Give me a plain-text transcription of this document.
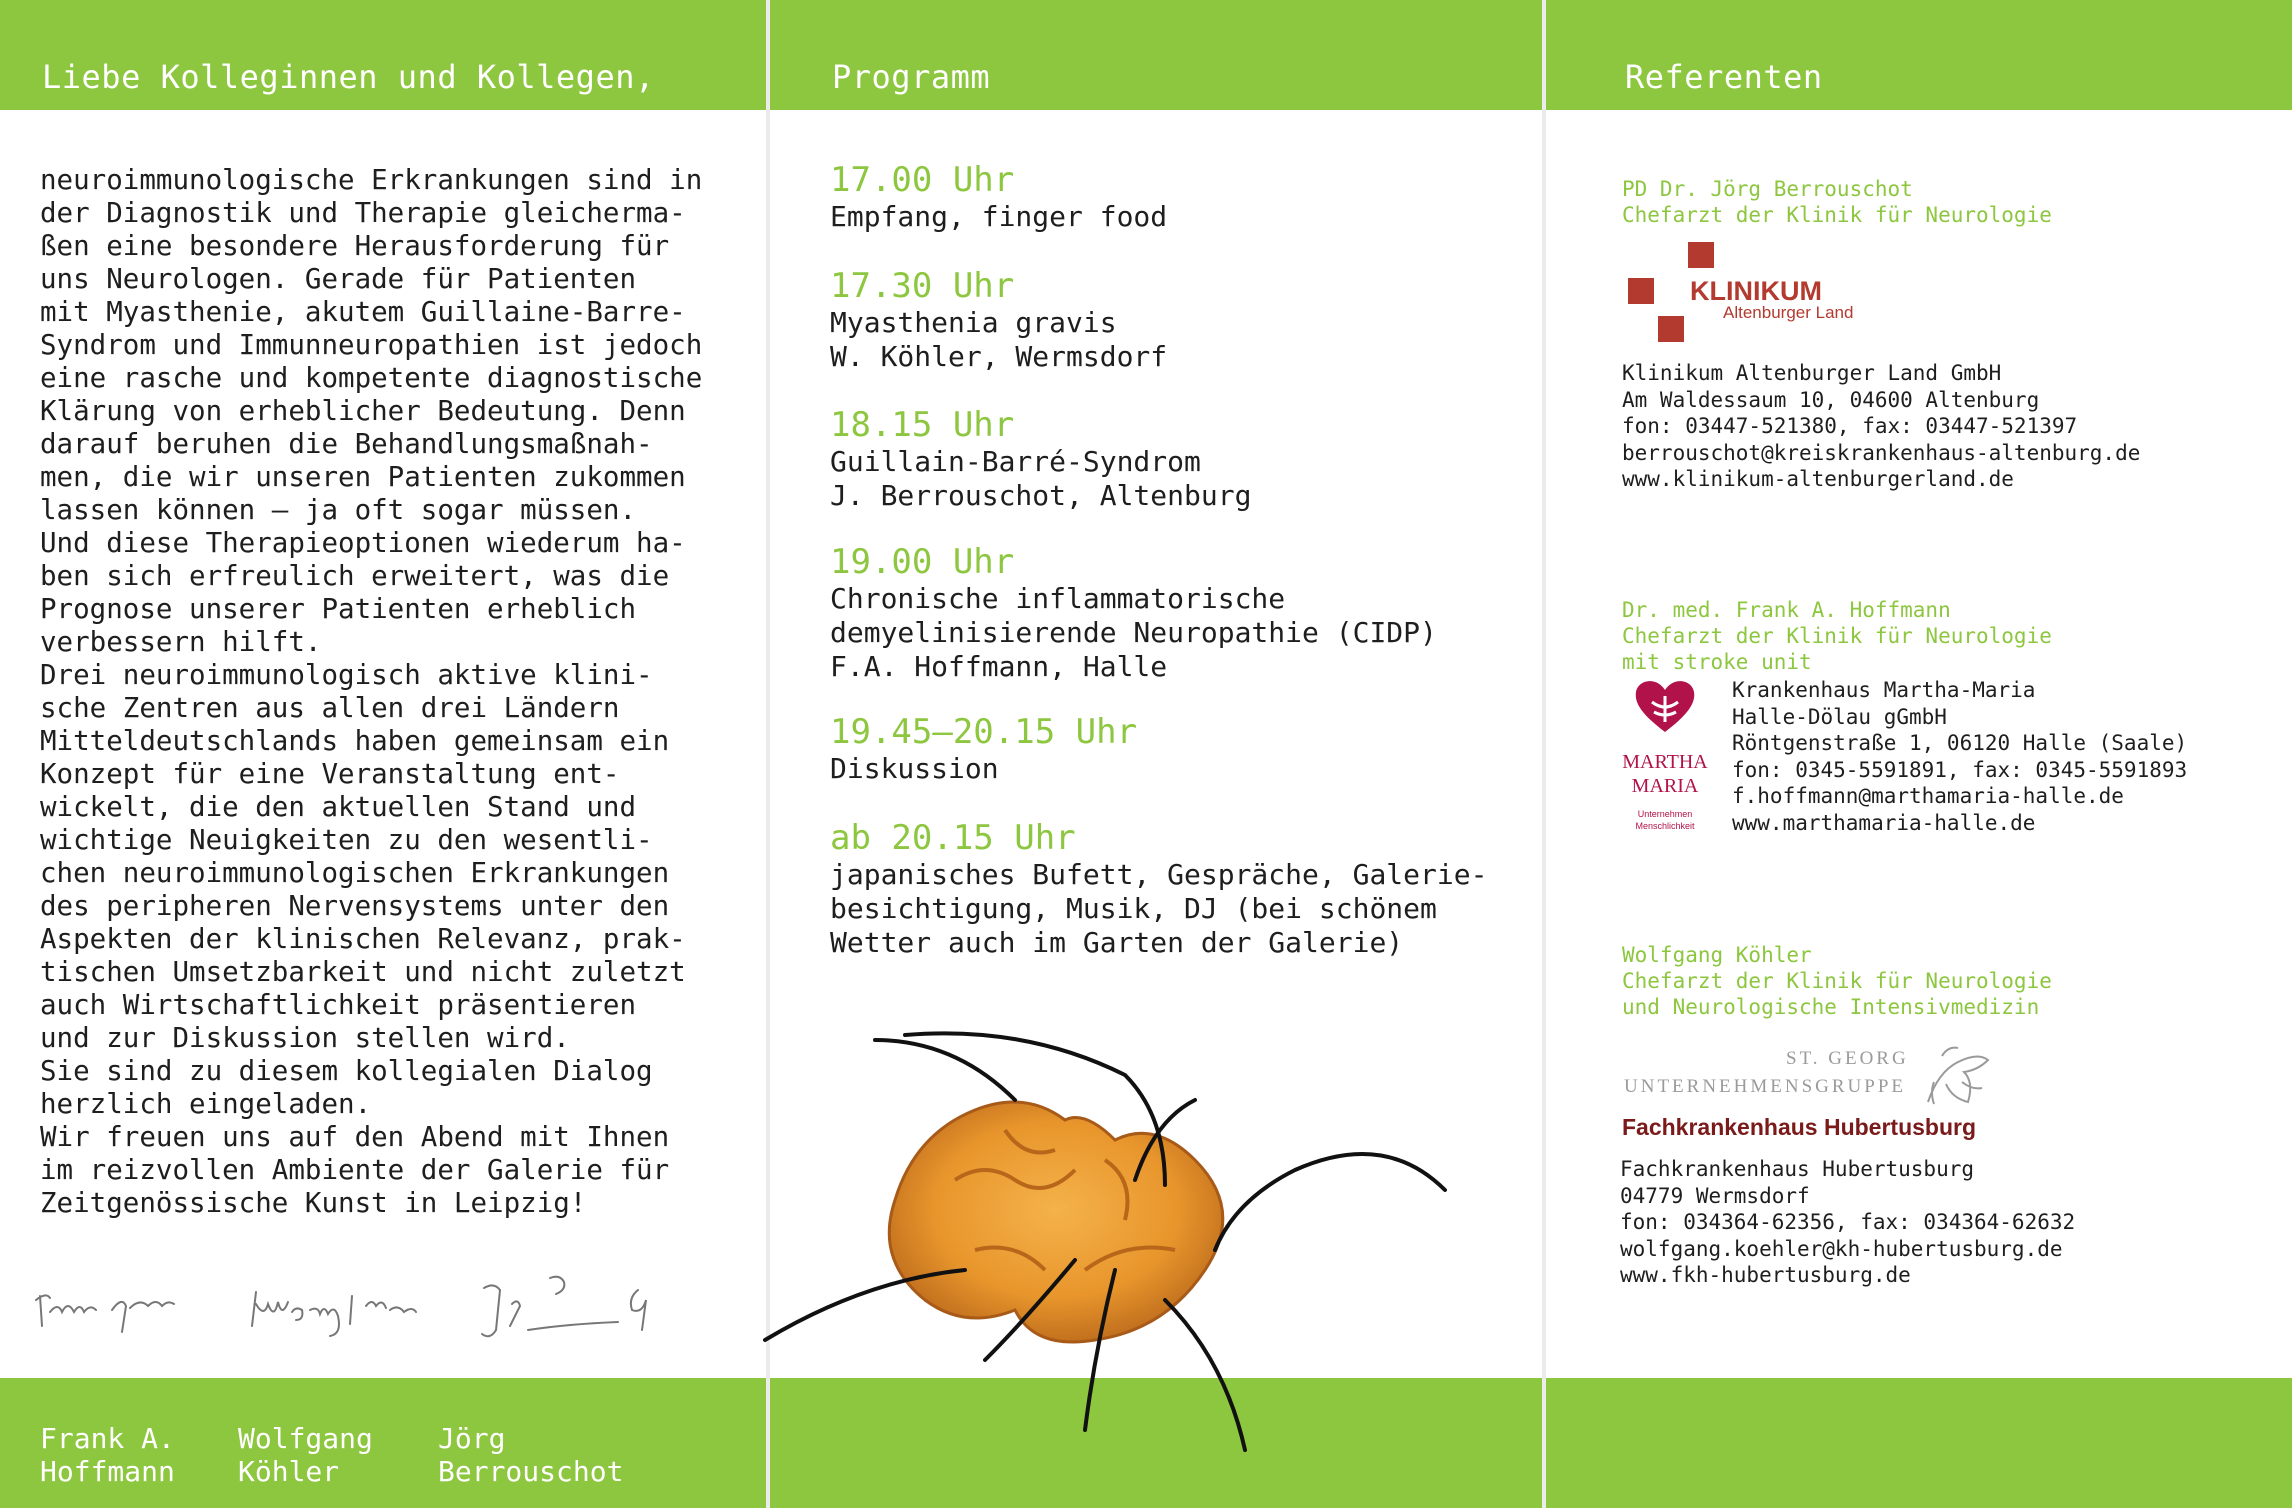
Liebe Kolleginnen und Kollegen,	Programm	Referenten

neuroimmunologische Erkrankungen sind in
der Diagnostik und Therapie gleicherma-
ßen eine besondere Herausforderung für
uns Neurologen. Gerade für Patienten
mit Myasthenie, akutem Guillaine-Barre-
Syndrom und Immunneuropathien ist jedoch
eine rasche und kompetente diagnostische
Klärung von erheblicher Bedeutung. Denn
darauf beruhen die Behandlungsmaßnah-
men, die wir unseren Patienten zukommen
lassen können – ja oft sogar müssen.
Und diese Therapieoptionen wiederum ha-
ben sich erfreulich erweitert, was die
Prognose unserer Patienten erheblich
verbessern hilft.
Drei neuroimmunologisch aktive klini-
sche Zentren aus allen drei Ländern
Mitteldeutschlands haben gemeinsam ein
Konzept für eine Veranstaltung ent-
wickelt, die den aktuellen Stand und
wichtige Neuigkeiten zu den wesentli-
chen neuroimmunologischen Erkrankungen
des peripheren Nervensystems unter den
Aspekten der klinischen Relevanz, prak-
tischen Umsetzbarkeit und nicht zuletzt
auch Wirtschaftlichkeit präsentieren
und zur Diskussion stellen wird.
Sie sind zu diesem kollegialen Dialog
herzlich eingeladen.
Wir freuen uns auf den Abend mit Ihnen
im reizvollen Ambiente der Galerie für
Zeitgenössische Kunst in Leipzig!

17.00 Uhr
Empfang, finger food
17.30 Uhr
Myasthenia gravis
W. Köhler, Wermsdorf
18.15 Uhr
Guillain-Barré-Syndrom
J. Berrouschot, Altenburg
19.00 Uhr
Chronische inflammatorische
demyelinisierende Neuropathie (CIDP)
F.A. Hoffmann, Halle
19.45–20.15 Uhr
Diskussion
ab 20.15 Uhr
japanisches Bufett, Gespräche, Galerie-
besichtigung, Musik, DJ (bei schönem
Wetter auch im Garten der Galerie)
PD Dr. Jörg Berrouschot
Chefarzt der Klinik für Neurologie
KLINIKUM
Altenburger Land
Klinikum Altenburger Land GmbH
Am Waldessaum 10, 04600 Altenburg
fon: 03447-521380, fax: 03447-521397
berrouschot@kreiskrankenhaus-altenburg.de
www.klinikum-altenburgerland.de
Dr. med. Frank A. Hoffmann
Chefarzt der Klinik für Neurologie
mit stroke unit
MARTHA
MARIA
Unternehmen
Menschlichkeit
Krankenhaus Martha-Maria
Halle-Dölau gGmbH
Röntgenstraße 1, 06120 Halle (Saale)
fon: 0345-5591891, fax: 0345-5591893
f.hoffmann@marthamaria-halle.de
www.marthamaria-halle.de
Wolfgang Köhler
Chefarzt der Klinik für Neurologie
und Neurologische Intensivmedizin
ST. GEORG
UNTERNEHMENSGRUPPE
Fachkrankenhaus Hubertusburg
Fachkrankenhaus Hubertusburg
04779 Wermsdorf
fon: 034364-62356, fax: 034364-62632
wolfgang.koehler@kh-hubertusburg.de
www.fkh-hubertusburg.de
Frank A.
Hoffmann
Wolfgang
Köhler
Jörg
Berrouschot
